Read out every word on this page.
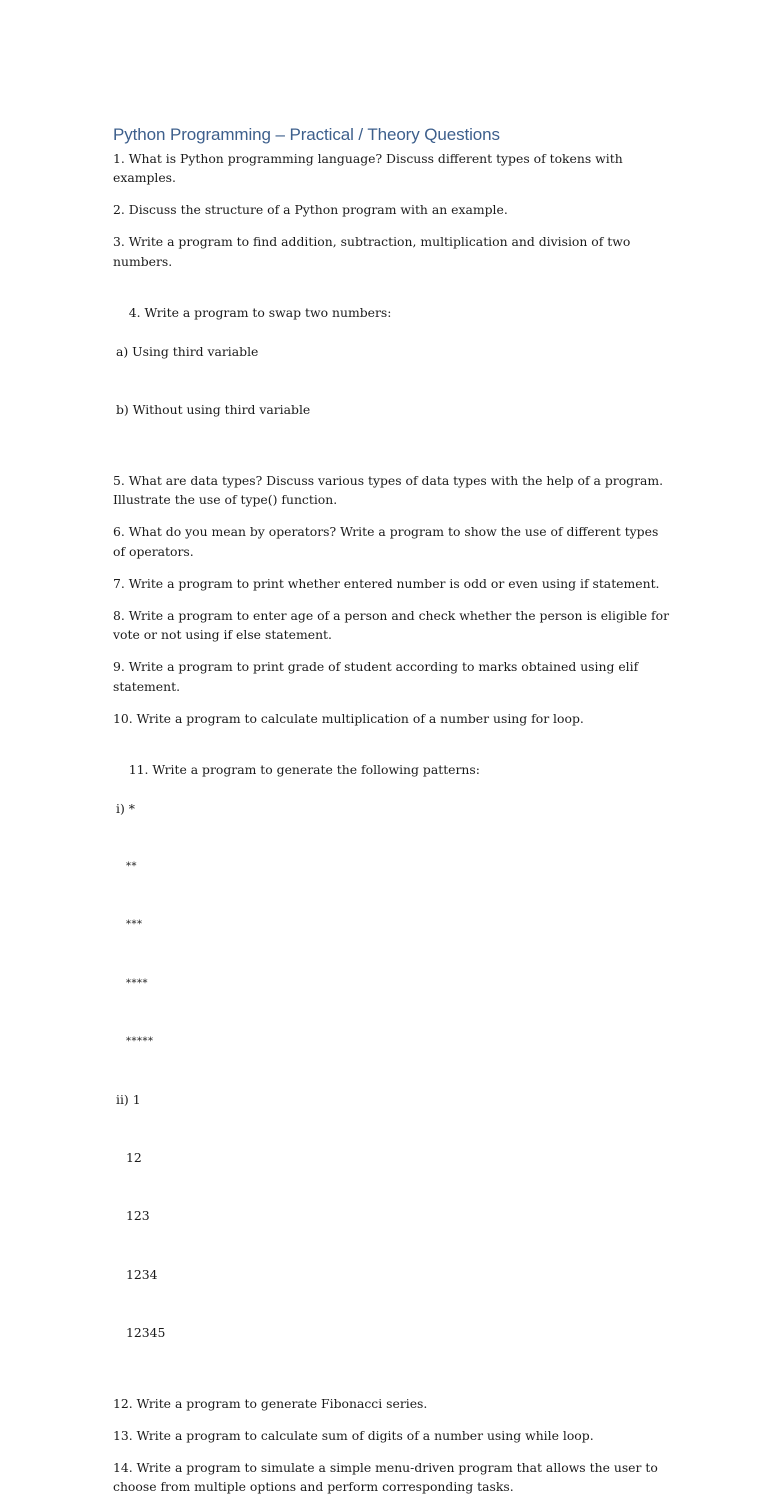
Python Programming – Practical / Theory Questions

1. What is Python programming language? Discuss different types of tokens with examples.

2. Discuss the structure of a Python program with an example.

3. Write a program to find addition, subtraction, multiplication and division of two numbers.

4. Write a program to swap two numbers:

a) Using third variable

b) Without using third variable

5. What are data types? Discuss various types of data types with the help of a program. Illustrate the use of type() function.

6. What do you mean by operators? Write a program to show the use of different types of operators.

7. Write a program to print whether entered number is odd or even using if statement.

8. Write a program to enter age of a person and check whether the person is eligible for vote or not using if else statement.

9. Write a program to print grade of student according to marks obtained using elif statement.

10. Write a program to calculate multiplication of a number using for loop.

11. Write a program to generate the following patterns:

i) *

**

***

****

*****

ii) 1

12

123

1234

12345

12. Write a program to generate Fibonacci series.

13. Write a program to calculate sum of digits of a number using while loop.

14. Write a program to simulate a simple menu-driven program that allows the user to choose from multiple options and perform corresponding tasks.
